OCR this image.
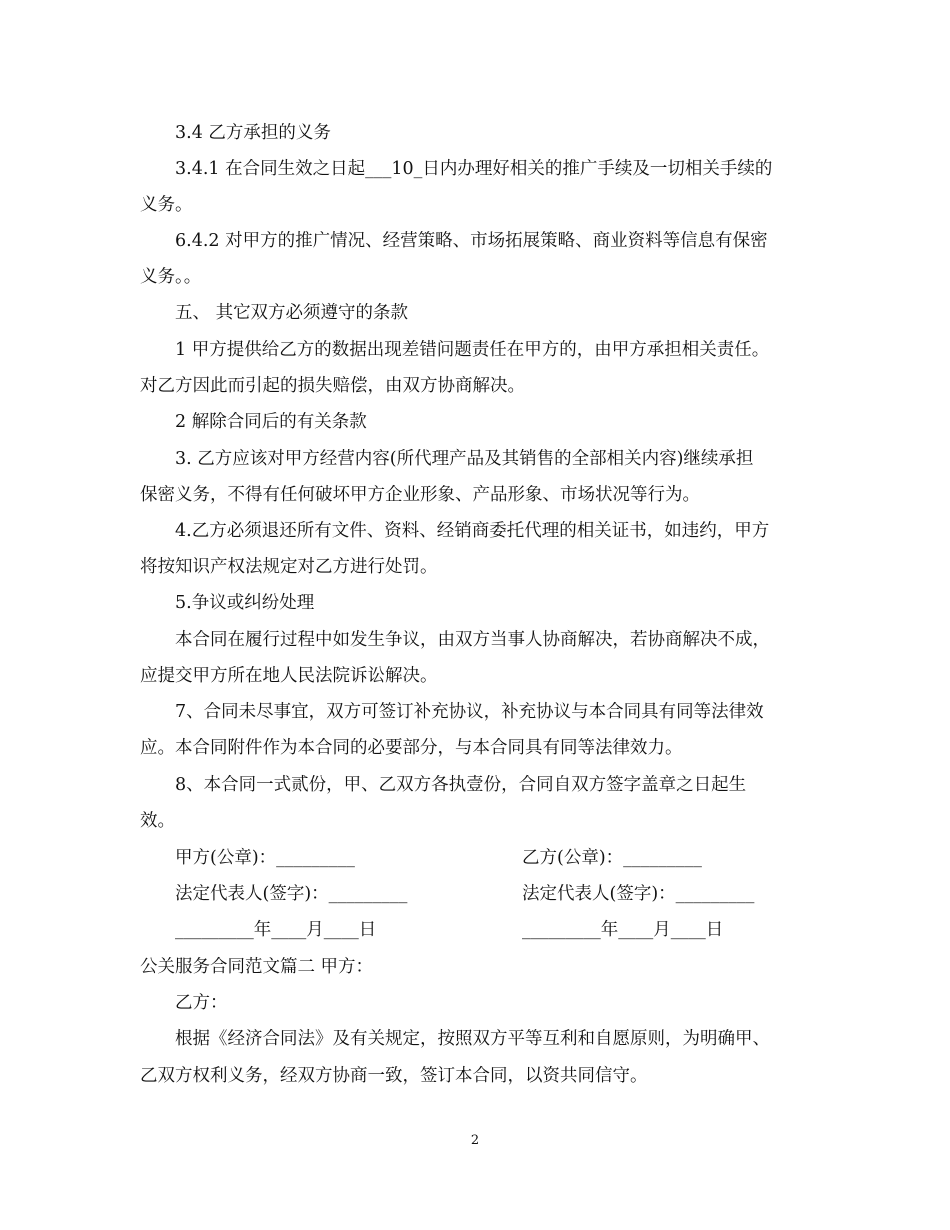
3.4 乙方承担的义务
3.4.1 在合同生效之日起___10_日内办理好相关的推广手续及一切相关手续的
义务。
6.4.2 对甲方的推广情况、经营策略、市场拓展策略、商业资料等信息有保密
义务。。
五、 其它双方必须遵守的条款
1 甲方提供给乙方的数据出现差错问题责任在甲方的，由甲方承担相关责任。
对乙方因此而引起的损失赔偿，由双方协商解决。
2 解除合同后的有关条款
3. 乙方应该对甲方经营内容(所代理产品及其销售的全部相关内容)继续承担
保密义务，不得有任何破坏甲方企业形象、产品形象、市场状况等行为。
4.乙方必须退还所有文件、资料、经销商委托代理的相关证书，如违约，甲方
将按知识产权法规定对乙方进行处罚。
5.争议或纠纷处理
本合同在履行过程中如发生争议，由双方当事人协商解决，若协商解决不成，
应提交甲方所在地人民法院诉讼解决。
7、合同未尽事宜，双方可签订补充协议，补充协议与本合同具有同等法律效
应。本合同附件作为本合同的必要部分，与本合同具有同等法律效力。
8、本合同一式贰份，甲、乙双方各执壹份，合同自双方签字盖章之日起生
效。
甲方(公章)：_________	乙方(公章)：_________
法定代表人(签字)：_________	法定代表人(签字)：_________
_________年____月____日	_________年____月____日
公关服务合同范文篇二 甲方：
乙方：
根据《经济合同法》及有关规定，按照双方平等互利和自愿原则，为明确甲、
乙双方权利义务，经双方协商一致，签订本合同，以资共同信守。
2
